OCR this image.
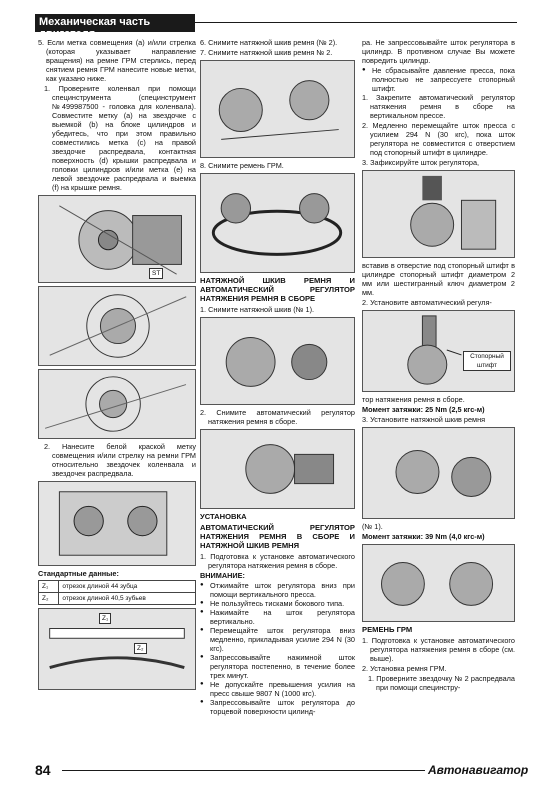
Механическая часть двигателя
5. Если метка совмещения (а) и/или стрелка (которая указывает направление вращения) на ремне ГРМ стерлись, перед снятием ремня ГРМ нанесите новые метки, как указано ниже.
1. Проверните коленвал при помощи специнструмента (специнструмент №499987500 - головка для коленвала). Совместите метку (а) на звездочке с выемкой (b) на блоке цилиндров и убедитесь, что при этом правильно совместились метка (с) на правой звездочке распредвала, контактная поверхность (d) крышки распредвала и головки цилиндров и/или метка (е) на левой звездочке распредвала и выемка (f) на крышке ремня.
ST
2. Нанесите белой краской метку совмещения и/или стрелку на ремни ГРМ относительно звездочек коленвала и звездочек распредвала.
Стандартные данные:
Z₁	отрезок длиной 44 зубца
Z₂	отрезок длиной 40,5 зубьев
Z₁
Z₂
6. Снимите натяжной шкив ремня (№ 2).
7. Снимите натяжной шкив ремня № 2.
8. Снимите ремень ГРМ.
НАТЯЖНОЙ ШКИВ РЕМНЯ И АВТОМАТИЧЕСКИЙ РЕГУЛЯТОР НАТЯЖЕНИЯ РЕМНЯ В СБОРЕ
1. Снимите натяжной шкив (№ 1).
2. Снимите автоматический регулятор натяжения ремня в сборе.
УСТАНОВКА
АВТОМАТИЧЕСКИЙ РЕГУЛЯТОР НАТЯЖЕНИЯ РЕМНЯ В СБОРЕ И НАТЯЖНОЙ ШКИВ РЕМНЯ
1. Подготовка к установке автоматического регулятора натяжения ремня в сборе.
ВНИМАНИЕ:
● Отжимайте шток регулятора вниз при помощи вертикального пресса.
● Не пользуйтесь тисками бокового типа.
● Нажимайте на шток регулятора вертикально.
● Перемещайте шток регулятора вниз медленно, прикладывая усилие 294 N (30 кгс).
● Запрессовывайте нажимной шток регулятора постепенно, в течение более трех минут.
● Не допускайте превышения усилия на пресс свыше 9807 N (1000 кгс).
● Запрессовывайте шток регулятора до торцевой поверхности цилинд-
ра. Не запрессовывайте шток регулятора в цилиндр. В противном случае Вы можете повредить цилиндр.
● Не сбрасывайте давление пресса, пока полностью не запрессуете стопорный штифт.
1. Закрепите автоматический регулятор натяжения ремня в сборе на вертикальном прессе.
2. Медленно перемещайте шток пресса с усилием 294 N (30 кгс), пока шток регулятора не совместится с отверстием под стопорный штифт в цилиндре.
3. Зафиксируйте шток регулятора,
вставив в отверстие под стопорный штифт в цилиндре стопорный штифт диаметром 2 мм или шестигранный ключ диаметром 2 мм.
2. Установите автоматический регуля-
Стопорный штифт
тор натяжения ремня в сборе.
Момент затяжки: 25 Nm (2,5 кгс-м)
3. Установите натяжной шкив ремня
(№ 1).
Момент затяжки: 39 Nm (4,0 кгс-м)
РЕМЕНЬ ГРМ
1. Подготовка к установке автоматического регулятора натяжения ремня в сборе (см. выше).
2. Установка ремня ГРМ.
1. Проверните звездочку № 2 распредвала при помощи специнстру-
84	Автонавигатор
